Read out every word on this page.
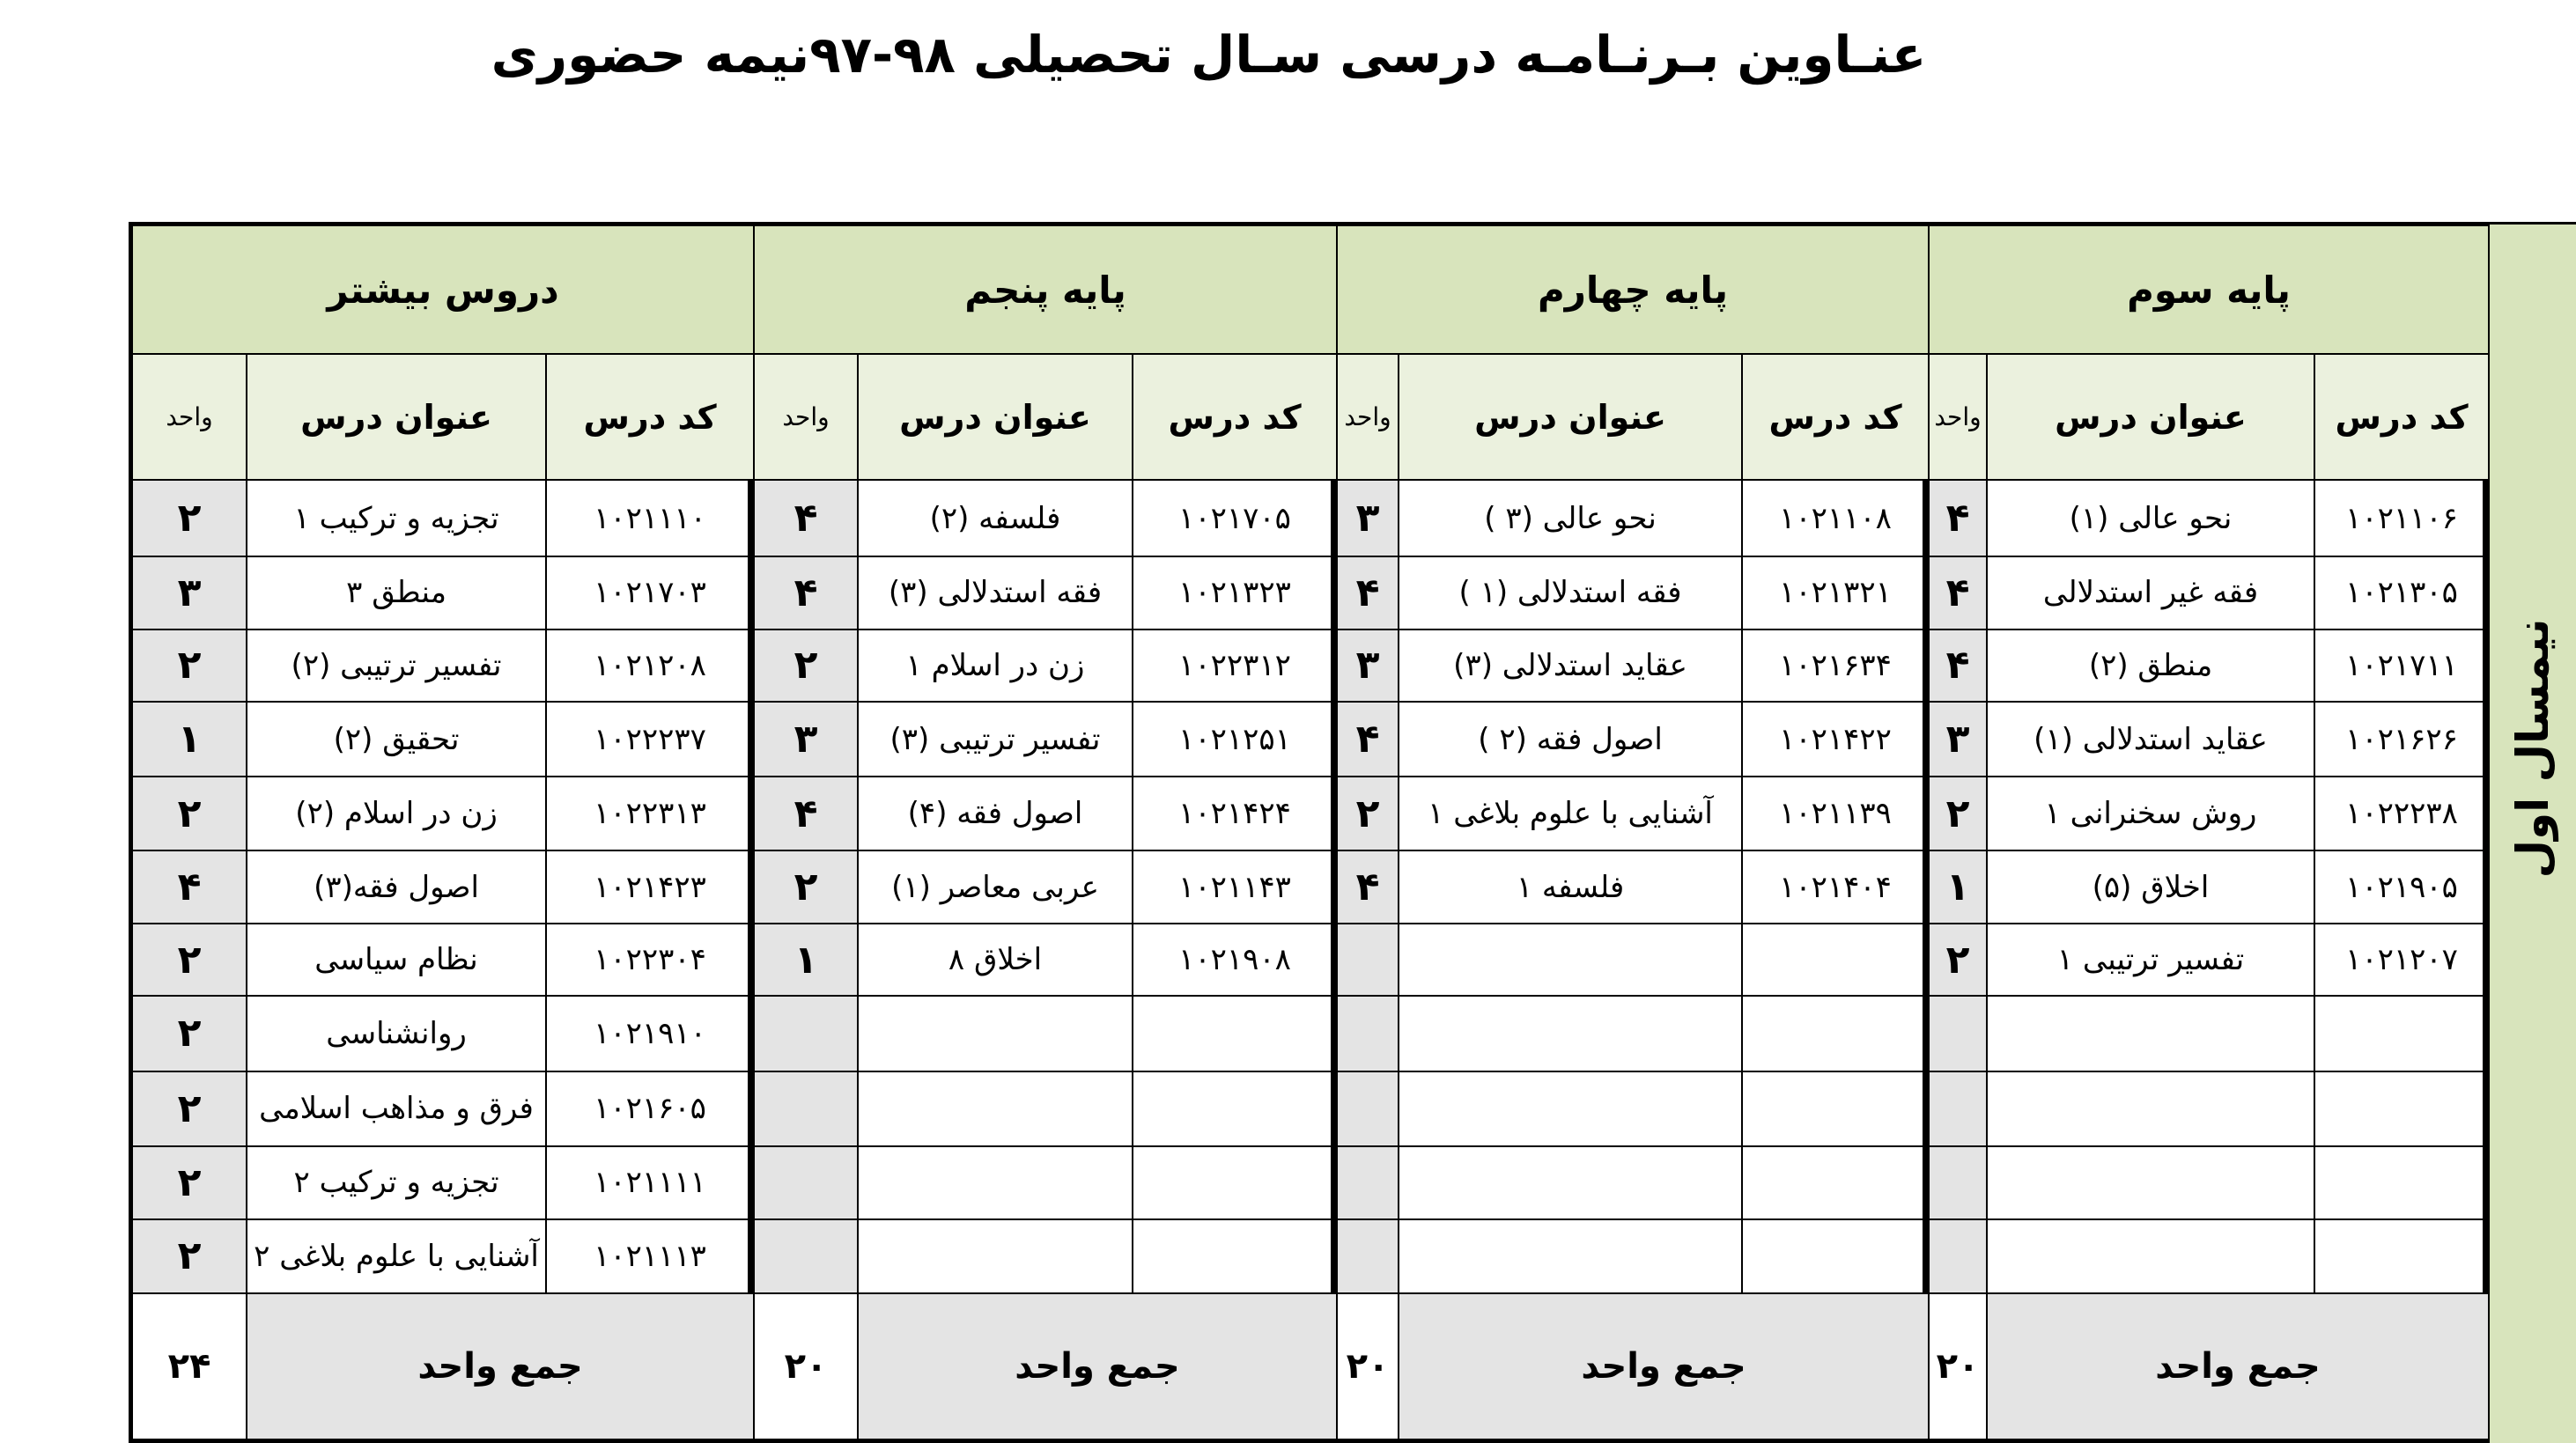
عنـاوین بـرنـامـه درسی سـال تحصیلی ۹۸-۹۷نیمه حضوری
نیمسال اول
پایه سوم		
کد درس	عنوان درس	واحد
۱۰۲۱۱۰۶	نحو عالی (۱)	۴
۱۰۲۱۳۰۵	فقه غیر استدلالی	۴
۱۰۲۱۷۱۱	منطق (۲)	۴
۱۰۲۱۶۲۶	عقاید استدلالی (۱)	۳
۱۰۲۲۲۳۸	روش سخنرانی ۱	۲
۱۰۲۱۹۰۵	اخلاق (۵)	۱
۱۰۲۱۲۰۷	تفسیر ترتیبی ۱	۲

جمع واحد		۲۰
پایه چهارم		
کد درس	عنوان درس	واحد
۱۰۲۱۱۰۸	نحو عالی (۳ )	۳
۱۰۲۱۳۲۱	فقه استدلالی (۱ )	۴
۱۰۲۱۶۳۴	عقاید استدلالی (۳)	۳
۱۰۲۱۴۲۲	اصول فقه (۲ )	۴
۱۰۲۱۱۳۹	آشنایی با علوم بلاغی ۱	۲
۱۰۲۱۴۰۴	فلسفه ۱	۴

جمع واحد		۲۰
پایه پنجم		
کد درس	عنوان درس	واحد
۱۰۲۱۷۰۵	فلسفه (۲)	۴
۱۰۲۱۳۲۳	فقه استدلالی (۳)	۴
۱۰۲۲۳۱۲	زن در اسلام ۱	۲
۱۰۲۱۲۵۱	تفسیر ترتیبی (۳)	۳
۱۰۲۱۴۲۴	اصول فقه (۴)	۴
۱۰۲۱۱۴۳	عربی معاصر (۱)	۲
۱۰۲۱۹۰۸	اخلاق ۸	۱

جمع واحد		۲۰
دروس بیشتر		
کد درس	عنوان درس	واحد
۱۰۲۱۱۱۰	تجزیه و ترکیب ۱	۲
۱۰۲۱۷۰۳	منطق ۳	۳
۱۰۲۱۲۰۸	تفسیر ترتیبی (۲)	۲
۱۰۲۲۲۳۷	تحقیق (۲)	۱
۱۰۲۲۳۱۳	زن در اسلام (۲)	۲
۱۰۲۱۴۲۳	اصول فقه(۳)	۴
۱۰۲۲۳۰۴	نظام سیاسی	۲
۱۰۲۱۹۱۰	روانشناسی	۲
۱۰۲۱۶۰۵	فرق و مذاهب اسلامی	۲
۱۰۲۱۱۱۱	تجزیه و ترکیب ۲	۲
۱۰۲۱۱۱۳	آشنایی با علوم بلاغی ۲	۲
جمع واحد		۲۴
